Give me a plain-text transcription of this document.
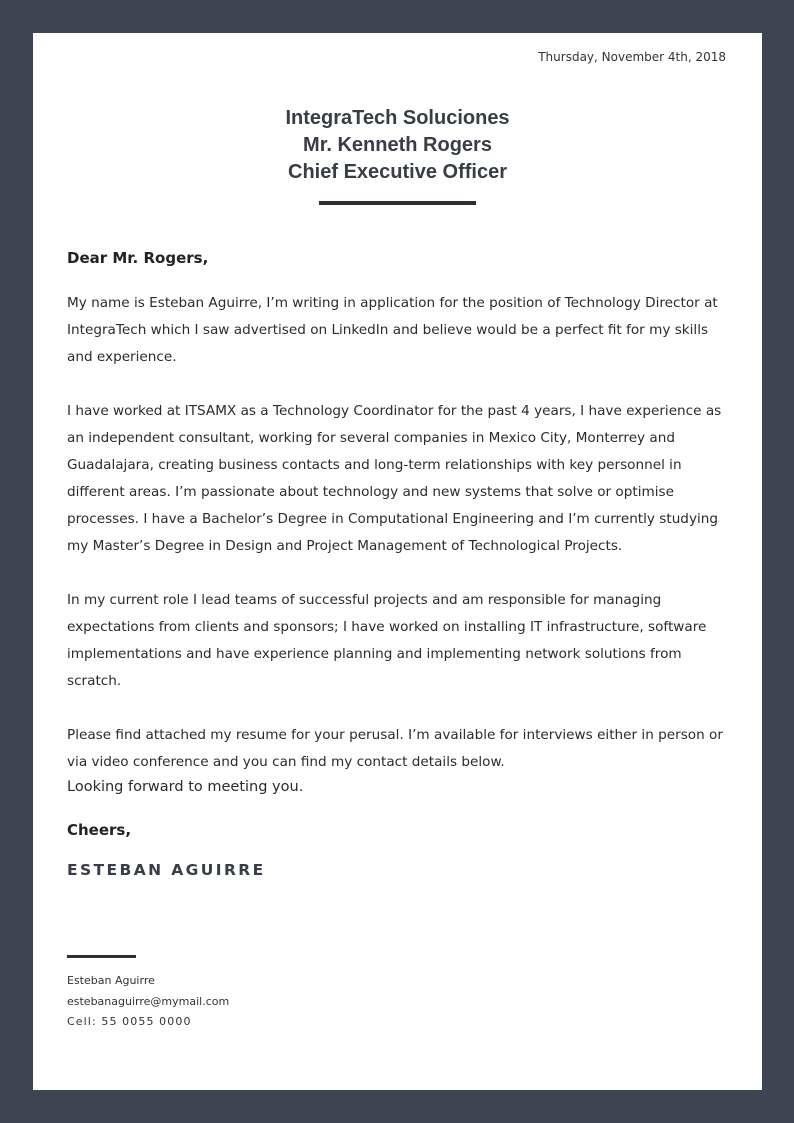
Thursday, November 4th, 2018
IntegraTech Soluciones
Mr. Kenneth Rogers
Chief Executive Officer
Dear Mr. Rogers,

My name is Esteban Aguirre, I’m writing in application for the position of Technology Director at IntegraTech which I saw advertised on LinkedIn and believe would be a perfect fit for my skills and experience.

I have worked at ITSAMX as a Technology Coordinator for the past 4 years, I have experience as an independent consultant, working for several companies in Mexico City, Monterrey and Guadalajara, creating business contacts and long-term relationships with key personnel in different areas. I’m passionate about technology and new systems that solve or optimise processes. I have a Bachelor’s Degree in Computational Engineering and I’m currently studying my Master’s Degree in Design and Project Management of Technological Projects.

In my current role I lead teams of successful projects and am responsible for managing expectations from clients and sponsors; I have worked on installing IT infrastructure, software implementations and have experience planning and implementing network solutions from scratch.

Please find attached my resume for your perusal. I’m available for interviews either in person or via video conference and you can find my contact details below.

Looking forward to meeting you.
Cheers,
ESTEBAN AGUIRRE
Esteban Aguirre
estebanaguirre@mymail.com
Cell: 55 0055 0000
